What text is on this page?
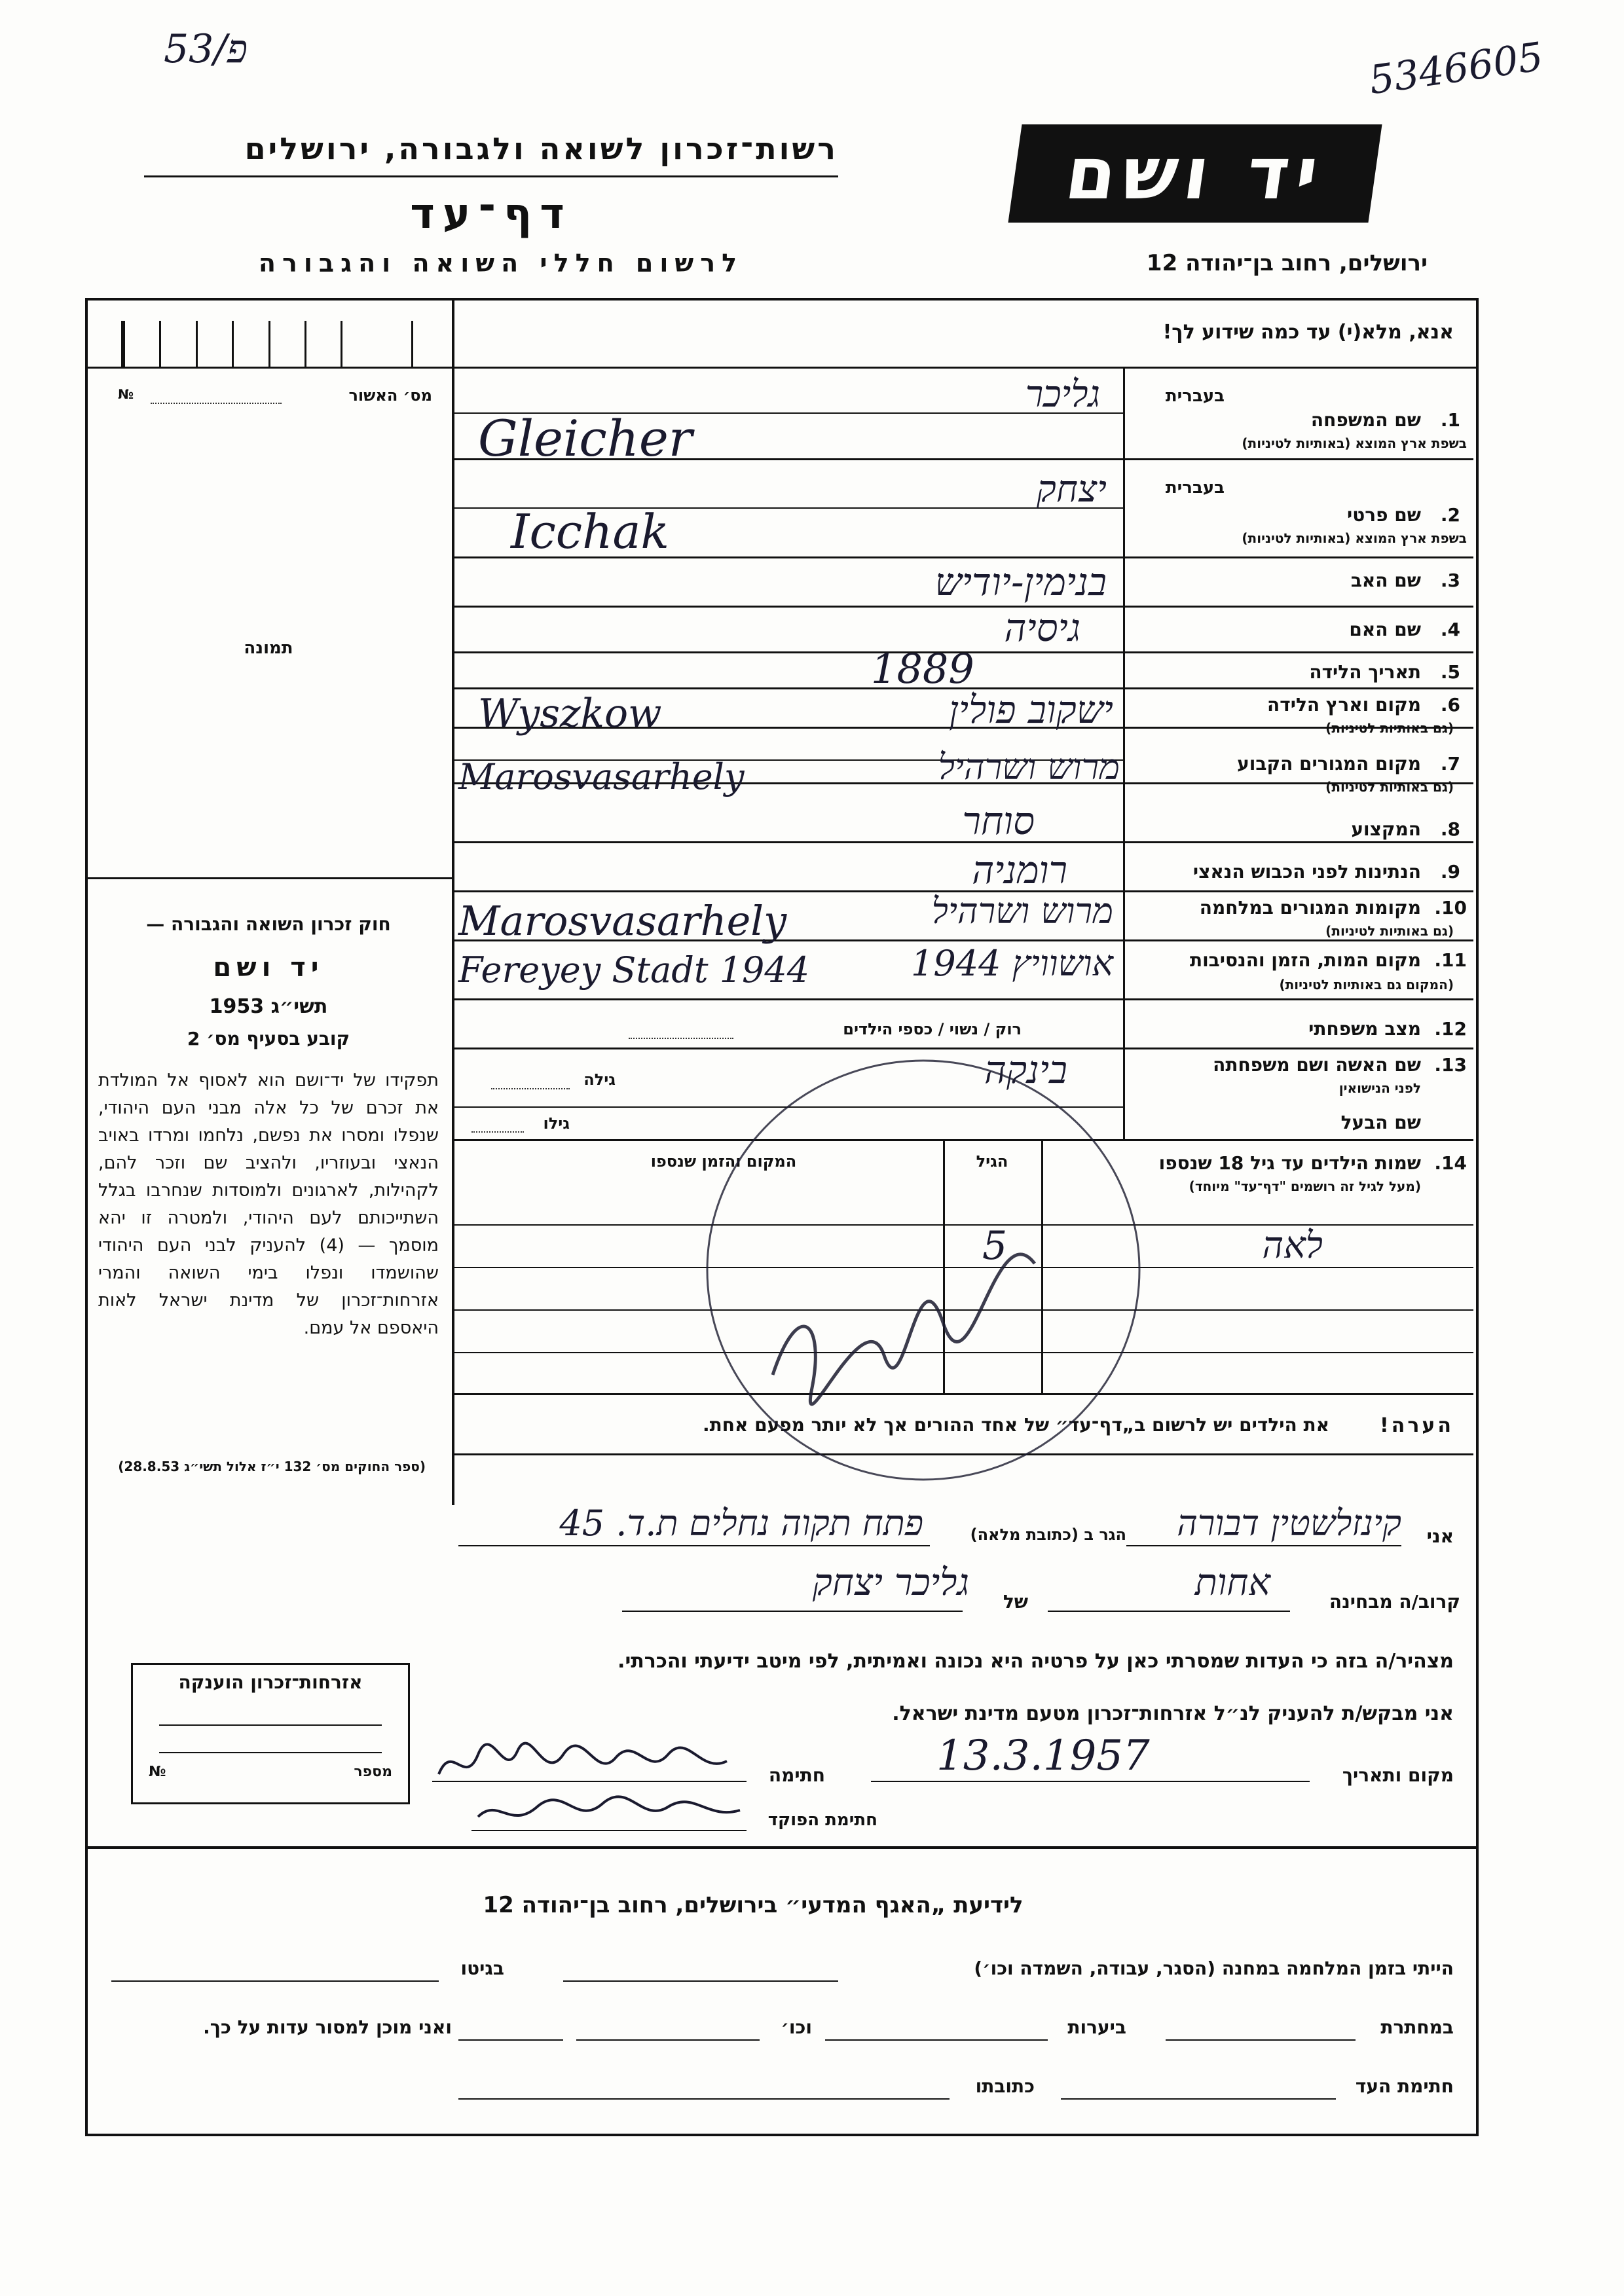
53/פ	5346605
רשות־זכרון לשואה ולגבורה, ירושלים
דף־עד
לרשום חללי השואה והגבורה
יד ושם
ירושלים, רחוב בן־יהודה 12
אנא, מלא(י) עד כמה שידוע לך!
מס׳ האשור
№
תמונה
בעברית
1.
שם המשפחה
בשפת ארץ המוצא (באותיות לטיניות)
גליכר
Gleicher
בעברית
2.
שם פרטי
בשפת ארץ המוצא (באותיות לטיניות)
יצחק
Icchak
3.
שם האב
בנימין-יודיש
4.
שם האם
גיסיה
5.
תאריך הלידה
1889
6.
מקום וארץ הלידה
(גם באותיות לטיניות)
ישקוב פולין
Wyszkow
7.
מקום המגורים הקבוע
(גם באותיות לטיניות)
מרוש ושרהיל
Marosvasarhely
8.
המקצוע
סוחר
9.
הנתינות לפני הכבוש הנאצי
רומניה
10.
מקומות המגורים במלחמה
(גם באותיות לטיניות)
מרוש ושרהיל
Marosvasarhely
11.
מקום המות, הזמן והנסיבות
(המקום גם באותיות לטיניות)
אושוויץ 1944
Fereyey Stadt 1944
12.
מצב משפחתי
רוק / נשוי / כספי הילדים
13.
שם האשה ושם משפחתה
לפני הנישואין
בינקה
גילה
שם הבעל
גילו
14.
שמות הילדים עד גיל 18 שנספו
(מעל לגיל זה רושמים "דף־עד" מיוחד)
הגיל
המקום והזמן שנספו
לאה
5
הערה!
את הילדים יש לרשום ב„דף־עד״ של אחד ההורים אך לא יותר מפעם אחת.
חוק זכרון השואה והגבורה —
יד ושם
תשי״ג 1953
קובע בסעיף מס׳ 2
תפקידו של יד־ושם הוא לאסוף אל המולדת את זכרם של כל אלה מבני העם היהודי, שנפלו ומסרו את נפשם, נלחמו ומרדו באויב הנאצי ובעוזריו, ולהציב שם וזכר להם, לקהילות, לארגונים ולמוסדות שנחרבו בגלל השתייכותם לעם היהודי, ולמטרה זו יהא מוסמך — (4) להעניק לבני העם היהודי שהושמדו ונפלו בימי השואה והמרי אזרחות־זכרון של מדינת ישראל לאות היאספם אל עמם.
(ספר החוקים מס׳ 132 י״ז אלול תשי״ג 28.8.53)
אני
קינזלשטין דבורה
הגר ב (כתובת מלאה)
פתח תקוה נחלים ת.ד. 45
קרוב/ה מבחינה
אחות
של
גליכר יצחק
מצהיר/ה בזה כי העדות שמסרתי כאן על פרטיה היא נכונה ואמיתית, לפי מיטב ידיעתי והכרתי.
אני מבקש/ת להעניק לנ״ל אזרחות־זכרון מטעם מדינת ישראל.
מקום ותאריך
13.3.1957
חתימה
חתימת הפוקד
אזרחות־זכרון הוענקה
№	מספר
לידיעת „האגף המדעי״ בירושלים, רחוב בן־יהודה 12
הייתי בזמן המלחמה במחנה (הסגר, עבודה, השמדה וכו׳)
בגיטו
במחתרת
ביערות
וכו׳
ואני מוכן למסור עדות על כך.
חתימת העד
כתובתו
